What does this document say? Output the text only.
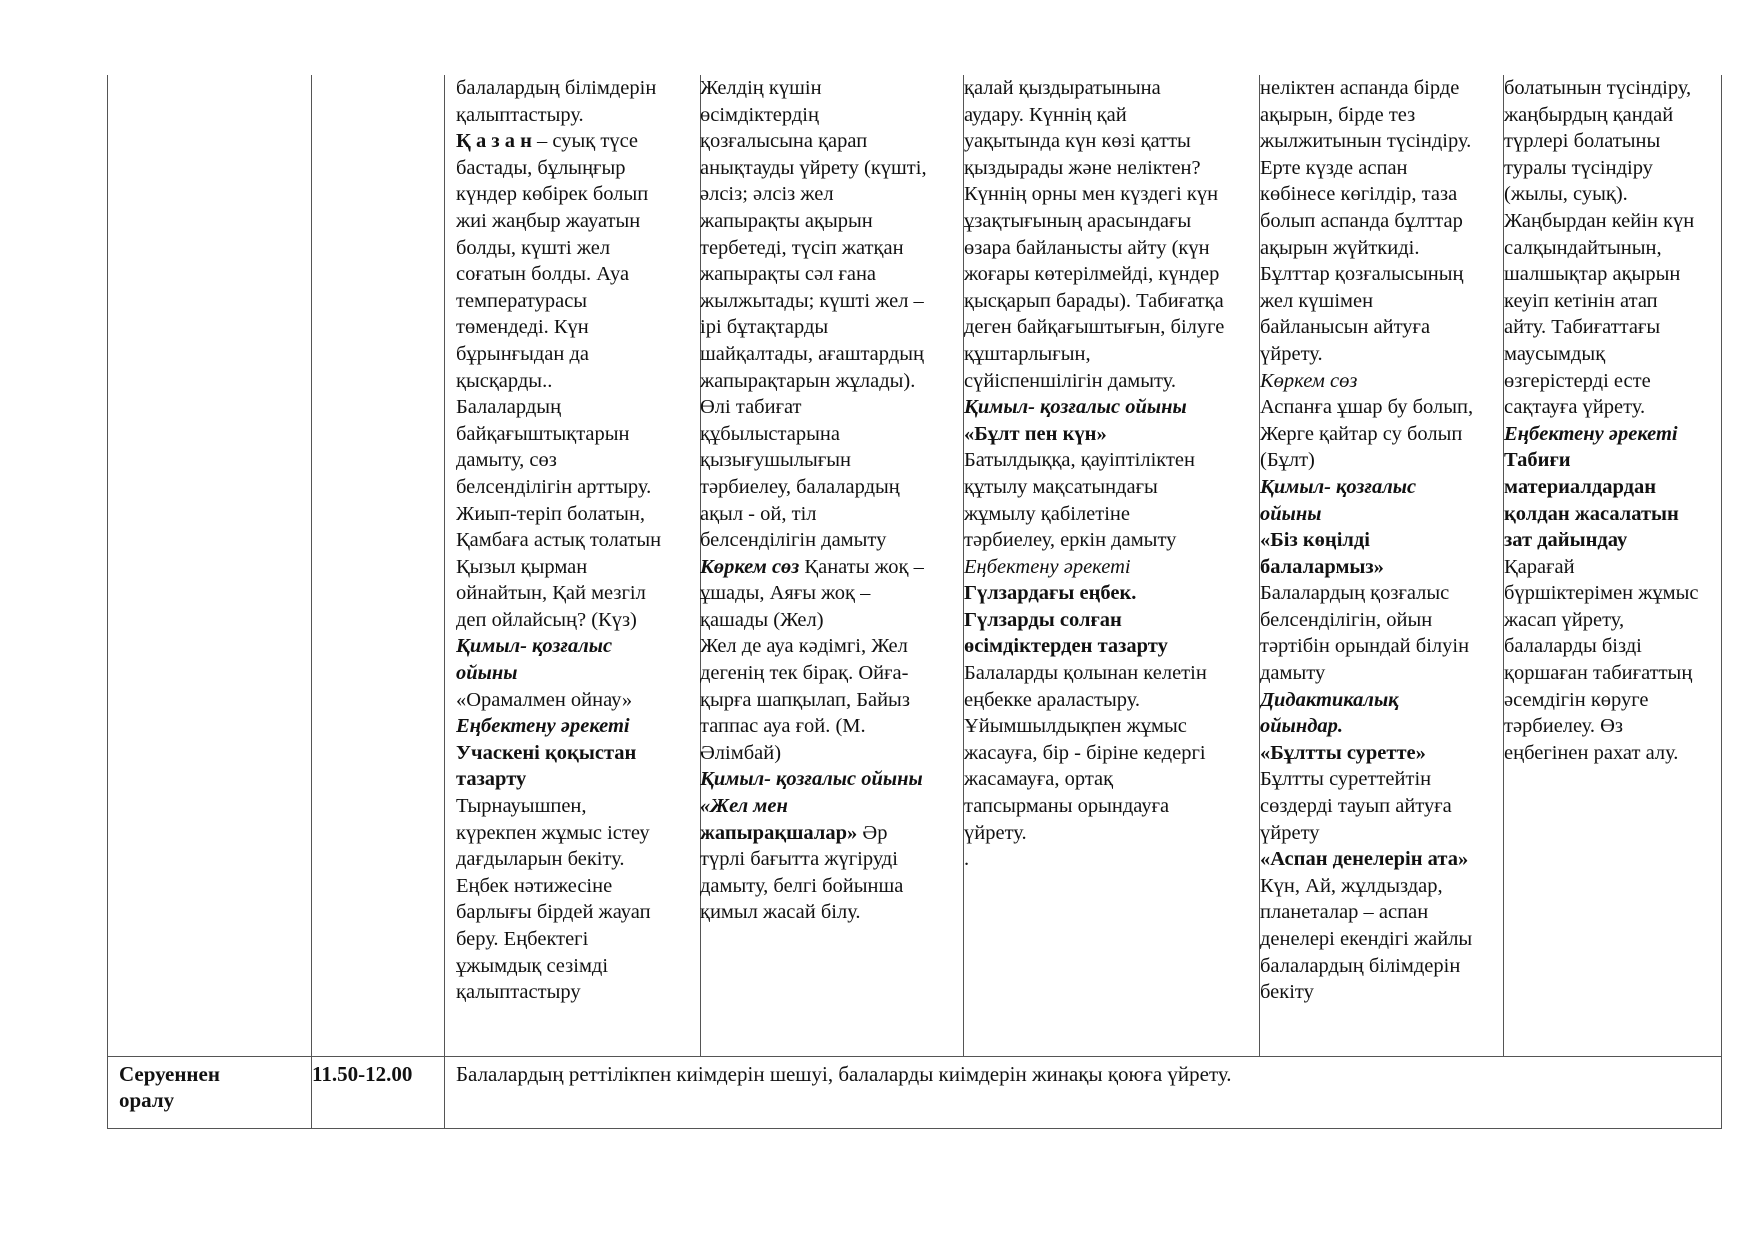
балалардың білімдерін
қалыптастыру.
Қ а з а н – суық түсе
бастады, бұлыңғыр
күндер көбірек болып
жиі жаңбыр жауатын
болды, күшті жел
соғатын болды. Ауа
температурасы
төмендеді. Күн
бұрынғыдан да
қысқарды..
Балалардың
байқағыштықтарын
дамыту, сөз
белсенділігін арттыру.
Жиып-теріп болатын,
Қамбаға астық толатын
Қызыл қырман
ойнайтын, Қай мезгіл
деп ойлайсың? (Күз)
Қимыл- қозғалыс
ойыны
«Орамалмен ойнау»
Еңбектену әрекеті
Учаскені қоқыстан
тазарту
Тырнауышпен,
күрекпен жұмыс істеу
дағдыларын бекіту.
Еңбек нәтижесіне
барлығы бірдей жауап
беру. Еңбектегі
ұжымдық сезімді
қалыптастыру
Желдің күшін
өсімдіктердің
қозғалысына қарап
анықтауды үйрету (күшті,
әлсіз; әлсіз жел
жапырақты ақырын
тербетеді, түсіп жатқан
жапырақты сәл ғана
жылжытады; күшті жел –
ірі бұтақтарды
шайқалтады, ағаштардың
жапырақтарын жұлады).
Өлі табиғат
құбылыстарына
қызығушылығын
тәрбиелеу, балалардың
ақыл - ой, тіл
белсенділігін дамыту
Көркем сөз Қанаты жоқ –
ұшады, Аяғы жоқ –
қашады (Жел)
Жел де ауа кәдімгі, Жел
дегенің тек бірақ. Ойға-
қырға шапқылап, Байыз
таппас ауа ғой. (М.
Әлімбай)
Қимыл- қозғалыс ойыны
«Жел мен
жапырақшалар» Әр
түрлі бағытта жүгіруді
дамыту, белгі бойынша
қимыл жасай білу.
қалай қыздыратынына
аудару. Күннің қай
уақытында күн көзі қатты
қыздырады және неліктен?
Күннің орны мен күздегі күн
ұзақтығының арасындағы
өзара байланысты айту (күн
жоғары көтерілмейді, күндер
қысқарып барады). Табиғатқа
деген байқағыштығын, білуге
құштарлығын,
сүйіспеншілігін дамыту.
Қимыл- қозғалыс ойыны
«Бұлт пен күн»
Батылдыққа, қауіптіліктен
құтылу мақсатындағы
жұмылу қабілетіне
тәрбиелеу, еркін дамыту
Еңбектену әрекеті
Гүлзардағы еңбек.
Гүлзарды солған
өсімдіктерден тазарту
Балаларды қолынан келетін
еңбекке араластыру.
Ұйымшылдықпен жұмыс
жасауға, бір - біріне кедергі
жасамауға, ортақ
тапсырманы орындауға
үйрету.
.
неліктен аспанда бірде
ақырын, бірде тез
жылжитынын түсіндіру.
Ерте күзде аспан
көбінесе көгілдір, таза
болып аспанда бұлттар
ақырын жүйткиді.
Бұлттар қозғалысының
жел күшімен
байланысын айтуға
үйрету.
Көркем сөз
Аспанға ұшар бу болып,
Жерге қайтар су болып
(Бұлт)
Қимыл- қозғалыс
ойыны
«Біз көңілді
балалармыз»
Балалардың қозғалыс
белсенділігін, ойын
тәртібін орындай білуін
дамыту
Дидактикалық
ойындар.
«Бұлтты суретте»
Бұлтты суреттейтін
сөздерді тауып айтуға
үйрету
«Аспан денелерін ата»
Күн, Ай, жұлдыздар,
планеталар – аспан
денелері екендігі жайлы
балалардың білімдерін
бекіту
болатынын түсіндіру,
жаңбырдың қандай
түрлері болатыны
туралы түсіндіру
(жылы, суық).
Жаңбырдан кейін күн
салқындайтынын,
шалшықтар ақырын
кеуіп кетінін атап
айту. Табиғаттағы
маусымдық
өзгерістерді есте
сақтауға үйрету.
Еңбектену әрекеті
Табиғи
материалдардан
қолдан жасалатын
зат дайындау
Қарағай
бүршіктерімен жұмыс
жасап үйрету,
балаларды бізді
қоршаған табиғаттың
әсемдігін көруге
тәрбиелеу. Өз
еңбегінен рахат алу.
Серуеннен
оралу
11.50-12.00	Балалардың реттілікпен киімдерін шешуі, балаларды киімдерін жинақы қоюға үйрету.
